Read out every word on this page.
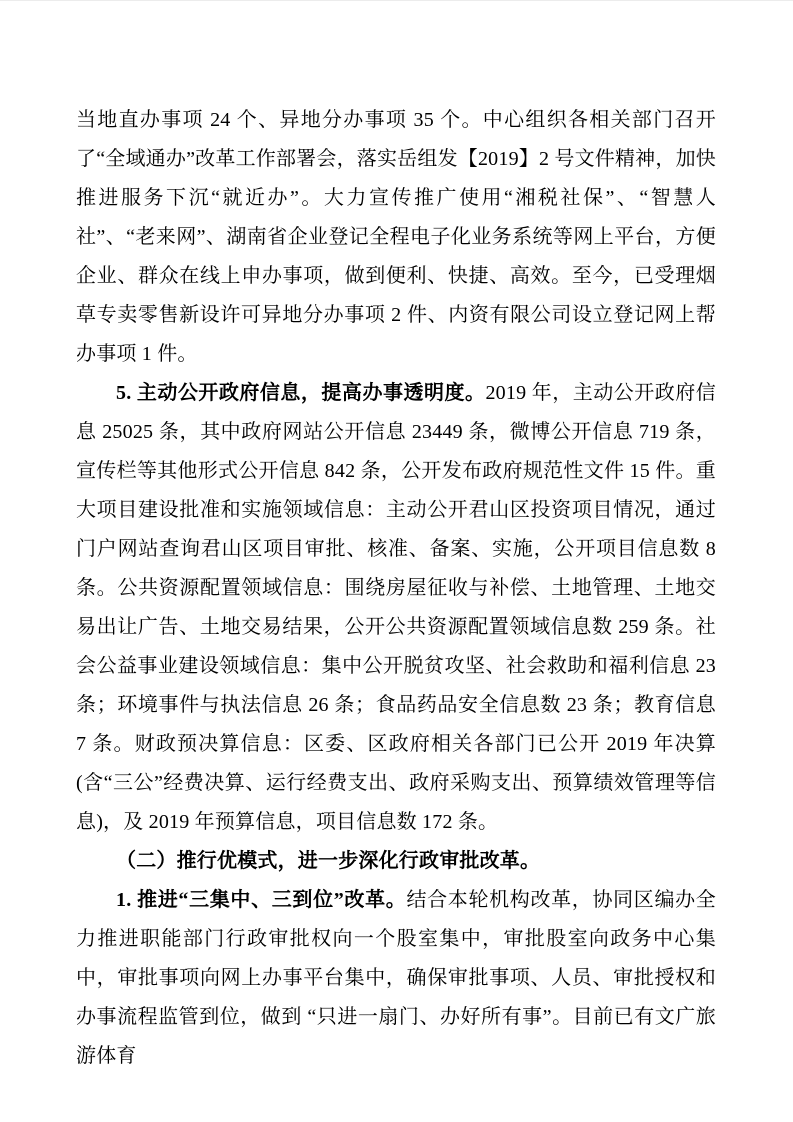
当地直办事项 24 个、异地分办事项 35 个。中心组织各相关部门召开了“全域通办”改革工作部署会，落实岳组发【2019】2 号文件精神，加快推进服务下沉“就近办”。大力宣传推广使用“湘税社保”、“智慧人社”、“老来网”、湖南省企业登记全程电子化业务系统等网上平台，方便企业、群众在线上申办事项，做到便利、快捷、高效。至今，已受理烟草专卖零售新设许可异地分办事项 2 件、内资有限公司设立登记网上帮办事项 1 件。

5. 主动公开政府信息，提高办事透明度。2019 年，主动公开政府信息 25025 条，其中政府网站公开信息 23449 条，微博公开信息 719 条，宣传栏等其他形式公开信息 842 条，公开发布政府规范性文件 15 件。重大项目建设批准和实施领域信息：主动公开君山区投资项目情况，通过门户网站查询君山区项目审批、核准、备案、实施，公开项目信息数 8 条。公共资源配置领域信息：围绕房屋征收与补偿、土地管理、土地交易出让广告、土地交易结果，公开公共资源配置领域信息数 259 条。社会公益事业建设领域信息：集中公开脱贫攻坚、社会救助和福利信息 23 条；环境事件与执法信息 26 条；食品药品安全信息数 23 条；教育信息 7 条。财政预决算信息：区委、区政府相关各部门已公开 2019 年决算(含“三公”经费决算、运行经费支出、政府采购支出、预算绩效管理等信息)，及 2019 年预算信息，项目信息数 172 条。

（二）推行优模式，进一步深化行政审批改革。

1. 推进“三集中、三到位”改革。结合本轮机构改革，协同区编办全力推进职能部门行政审批权向一个股室集中，审批股室向政务中心集中，审批事项向网上办事平台集中，确保审批事项、人员、审批授权和办事流程监管到位，做到 “只进一扇门、办好所有事”。目前已有文广旅游体育
